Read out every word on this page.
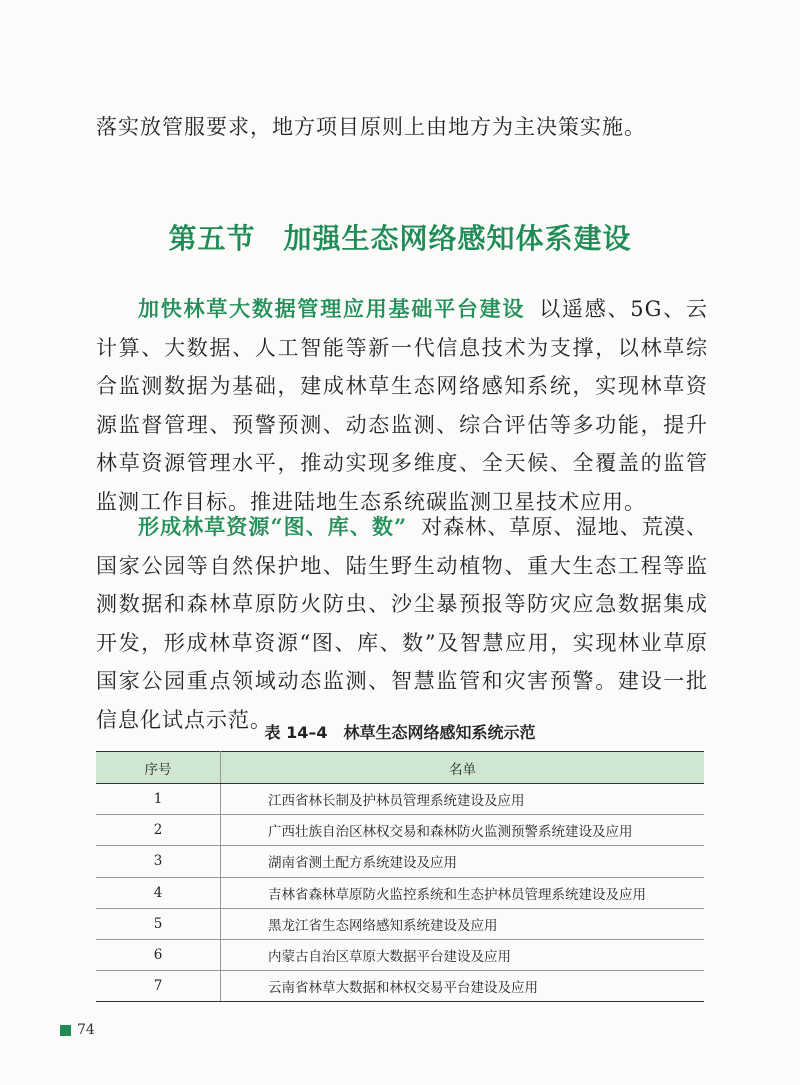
落实放管服要求，地方项目原则上由地方为主决策实施。
第五节 加强生态网络感知体系建设
加快林草大数据管理应用基础平台建设 以遥感、5G、云计算、大数据、人工智能等新一代信息技术为支撑，以林草综合监测数据为基础，建成林草生态网络感知系统，实现林草资源监督管理、预警预测、动态监测、综合评估等多功能，提升林草资源管理水平，推动实现多维度、全天候、全覆盖的监管监测工作目标。推进陆地生态系统碳监测卫星技术应用。
形成林草资源“图、库、数” 对森林、草原、湿地、荒漠、国家公园等自然保护地、陆生野生动植物、重大生态工程等监测数据和森林草原防火防虫、沙尘暴预报等防灾应急数据集成开发，形成林草资源“图、库、数”及智慧应用，实现林业草原国家公园重点领域动态监测、智慧监管和灾害预警。建设一批信息化试点示范。
表 14–4 林草生态网络感知系统示范
序号	名单
1	江西省林长制及护林员管理系统建设及应用
2	广西壮族自治区林权交易和森林防火监测预警系统建设及应用
3	湖南省测土配方系统建设及应用
4	吉林省森林草原防火监控系统和生态护林员管理系统建设及应用
5	黑龙江省生态网络感知系统建设及应用
6	内蒙古自治区草原大数据平台建设及应用
7	云南省林草大数据和林权交易平台建设及应用
74
